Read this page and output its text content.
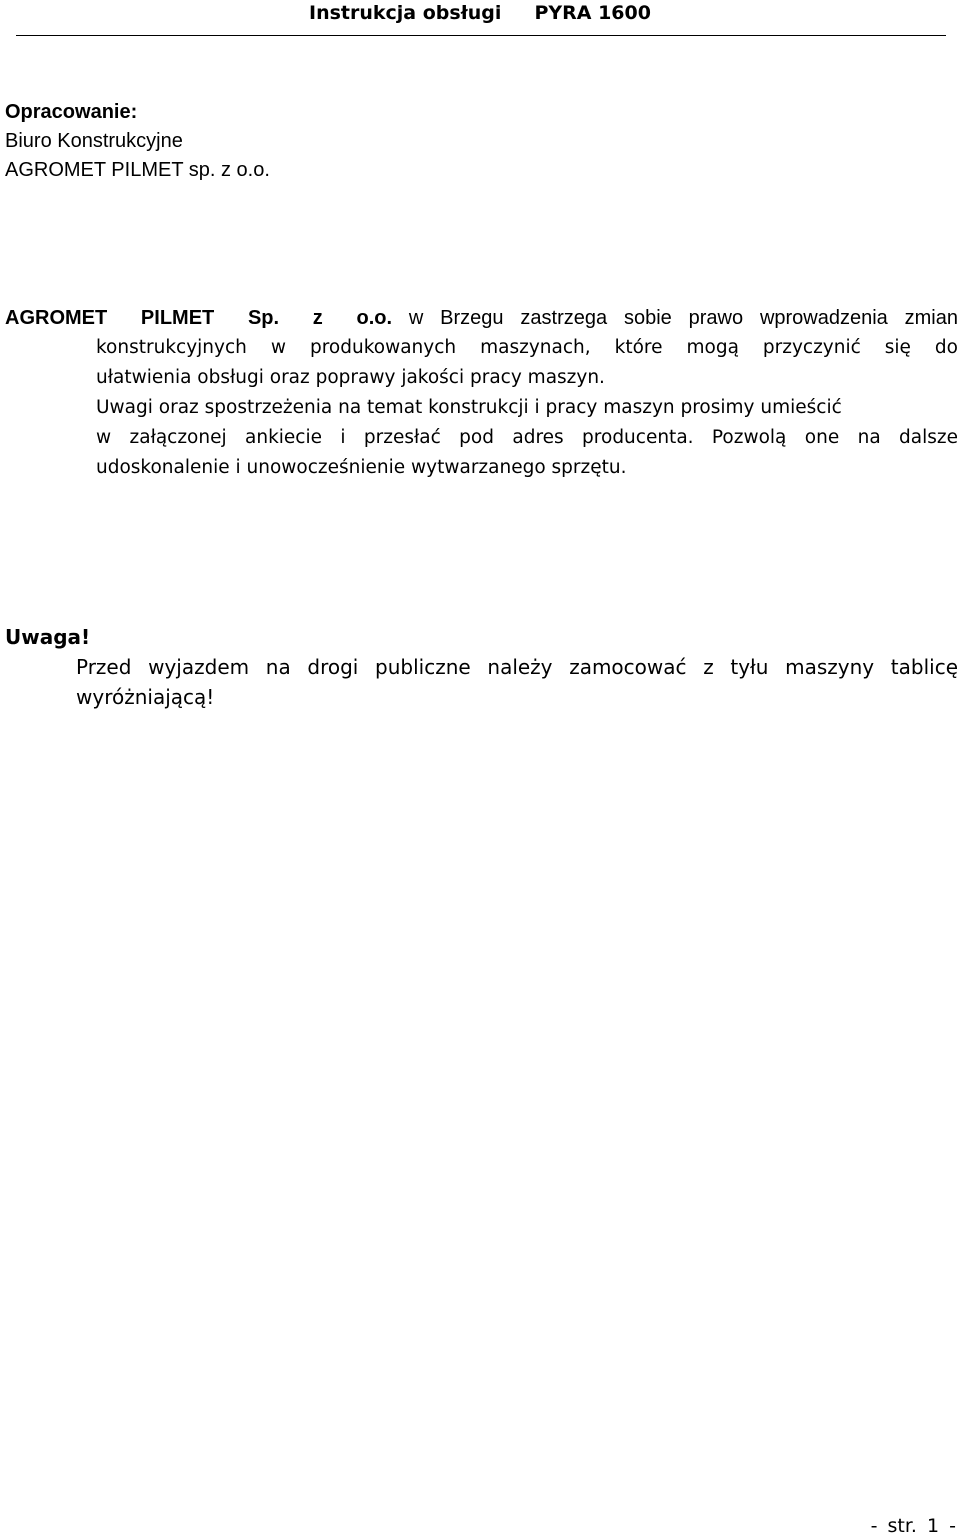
Instrukcja obsługi     PYRA 1600
Opracowanie:
Biuro Konstrukcyjne
AGROMET PILMET sp. z o.o.
AGROMET  PILMET  Sp.  z  o.o. w Brzegu zastrzega sobie prawo wprowadzenia zmian
konstrukcyjnych w produkowanych maszynach, które mogą przyczynić się do
ułatwienia obsługi oraz poprawy jakości pracy maszyn.
Uwagi oraz spostrzeżenia na temat konstrukcji i pracy maszyn prosimy umieścić
w załączonej ankiecie i przesłać pod adres producenta. Pozwolą one na dalsze
udoskonalenie i unowocześnienie wytwarzanego sprzętu.
Uwaga!
Przed wyjazdem na drogi publiczne należy zamocować z tyłu maszyny tablicę
wyróżniającą!
- str. 1 -
